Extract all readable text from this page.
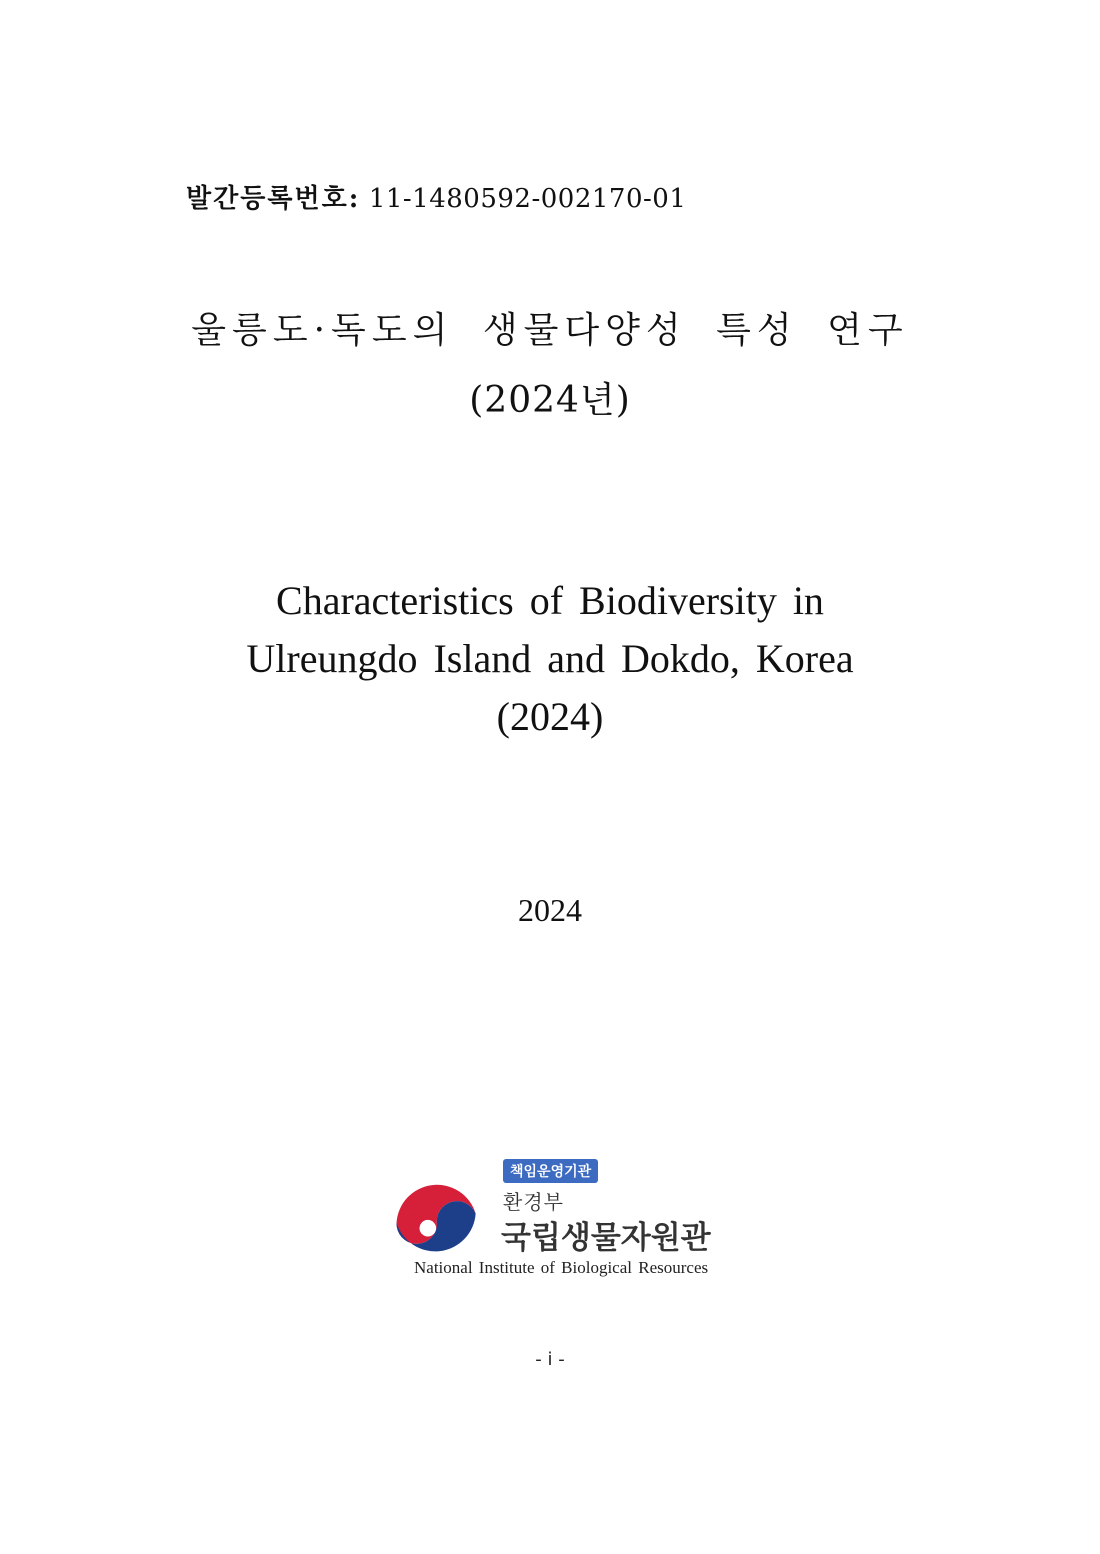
발간등록번호: 11-1480592-002170-01
울릉도·독도의 생물다양성 특성 연구
(2024년)
Characteristics of Biodiversity in
Ulreungdo Island and Dokdo, Korea
(2024)
2024
책임운영기관
환경부
국립생물자원관
National Institute of Biological Resources
- i -
